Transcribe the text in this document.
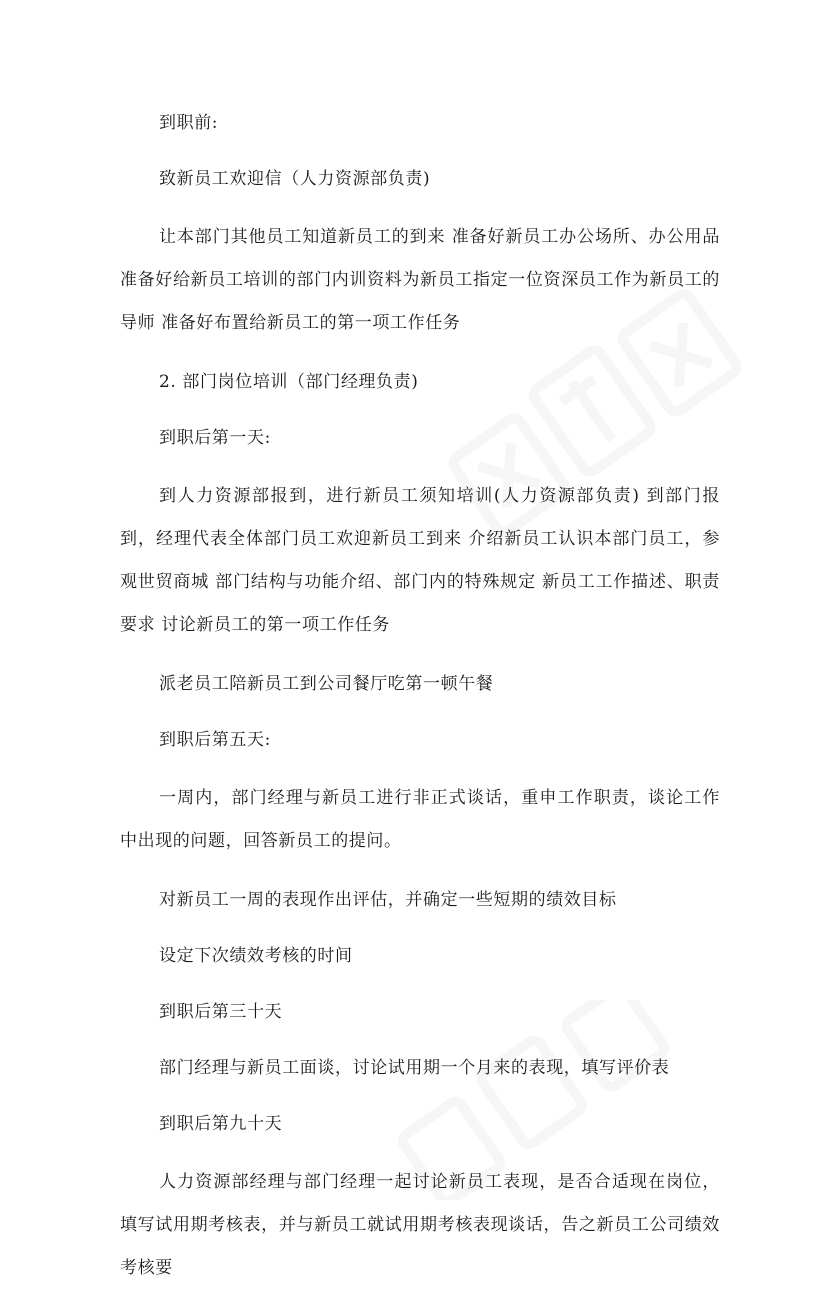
到职前:

致新员工欢迎信（人力资源部负责)

让本部门其他员工知道新员工的到来 准备好新员工办公场所、办公用品 准备好给新员工培训的部门内训资料为新员工指定一位资深员工作为新员工的导师 准备好布置给新员工的第一项工作任务

2. 部门岗位培训（部门经理负责)

到职后第一天:

到人力资源部报到，进行新员工须知培训(人力资源部负责) 到部门报到，经理代表全体部门员工欢迎新员工到来 介绍新员工认识本部门员工，参观世贸商城 部门结构与功能介绍、部门内的特殊规定 新员工工作描述、职责要求 讨论新员工的第一项工作任务

派老员工陪新员工到公司餐厅吃第一顿午餐

到职后第五天:

一周内，部门经理与新员工进行非正式谈话，重申工作职责，谈论工作中出现的问题，回答新员工的提问。

对新员工一周的表现作出评估，并确定一些短期的绩效目标

设定下次绩效考核的时间

到职后第三十天

部门经理与新员工面谈，讨论试用期一个月来的表现，填写评价表

到职后第九十天

人力资源部经理与部门经理一起讨论新员工表现，是否合适现在岗位，填写试用期考核表，并与新员工就试用期考核表现谈话，告之新员工公司绩效考核要
